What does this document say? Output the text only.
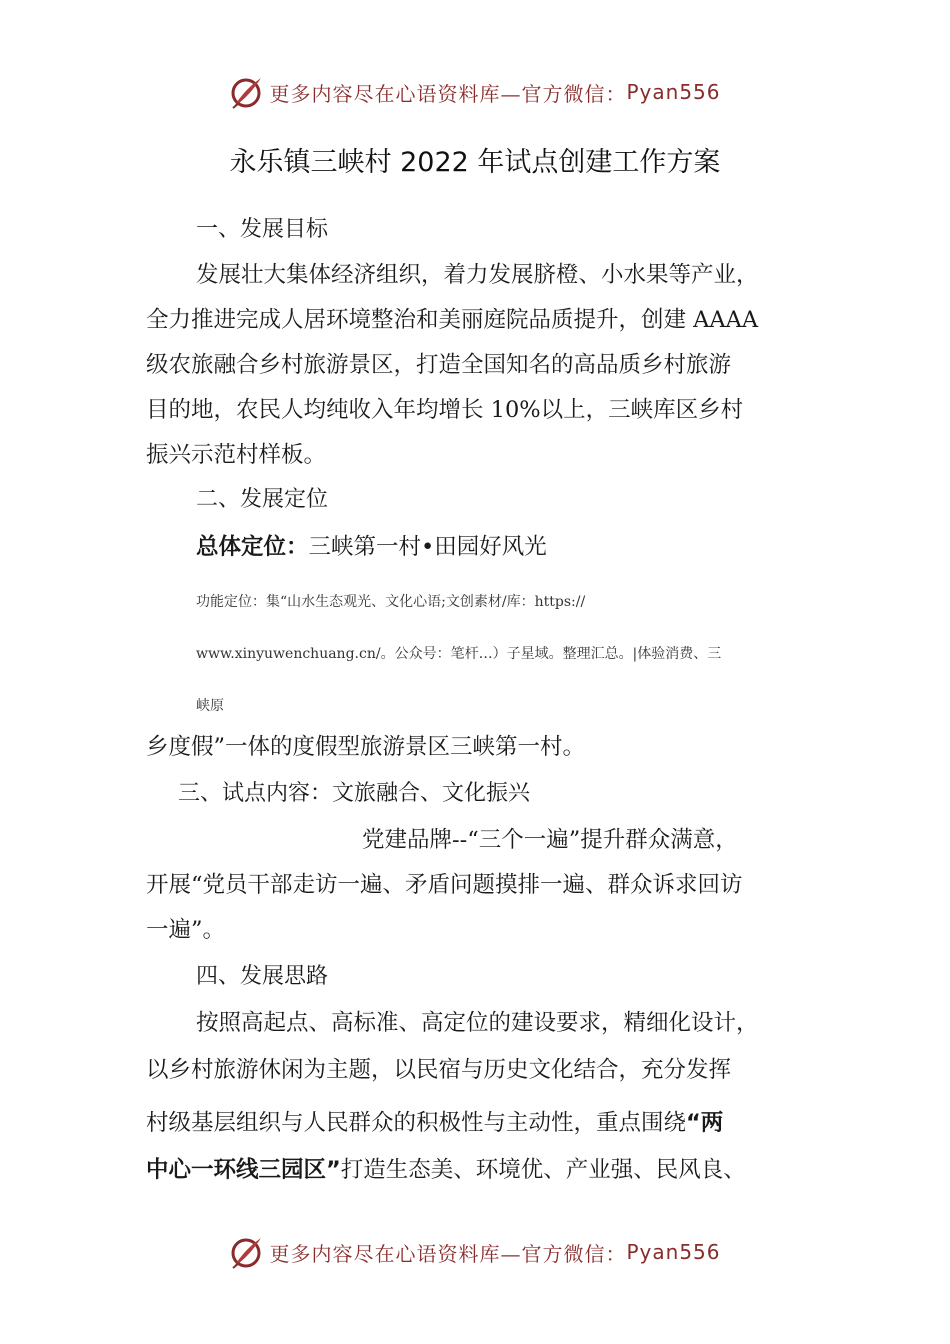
更多内容尽在心语资料库—官方微信： Pyan556
永乐镇三峡村 2022 年试点创建工作方案
一、发展目标
发展壮大集体经济组织，着力发展脐橙、小水果等产业，
全力推进完成人居环境整治和美丽庭院品质提升，创建 AAAA
级农旅融合乡村旅游景区，打造全国知名的高品质乡村旅游
目的地，农民人均纯收入年均增长 10%以上，三峡库区乡村
振兴示范村样板。
二、发展定位
总体定位：三峡第一村•田园好风光
功能定位：集“山水生态观光、文化心语;文创素材/库：https://
www.xinyuwenchuang.cn/。公众号：笔杆…）子星域。整理汇总。|体验消费、三
峡原
乡度假”一体的度假型旅游景区三峡第一村。
三、试点内容：文旅融合、文化振兴
党建品牌--“三个一遍”提升群众满意，
开展“党员干部走访一遍、矛盾问题摸排一遍、群众诉求回访
一遍”。
四、发展思路
按照高起点、高标准、高定位的建设要求，精细化设计，
以乡村旅游休闲为主题，以民宿与历史文化结合，充分发挥
村级基层组织与人民群众的积极性与主动性，重点围绕“两
中心一环线三园区”打造生态美、环境优、产业强、民风良、
更多内容尽在心语资料库—官方微信： Pyan556
